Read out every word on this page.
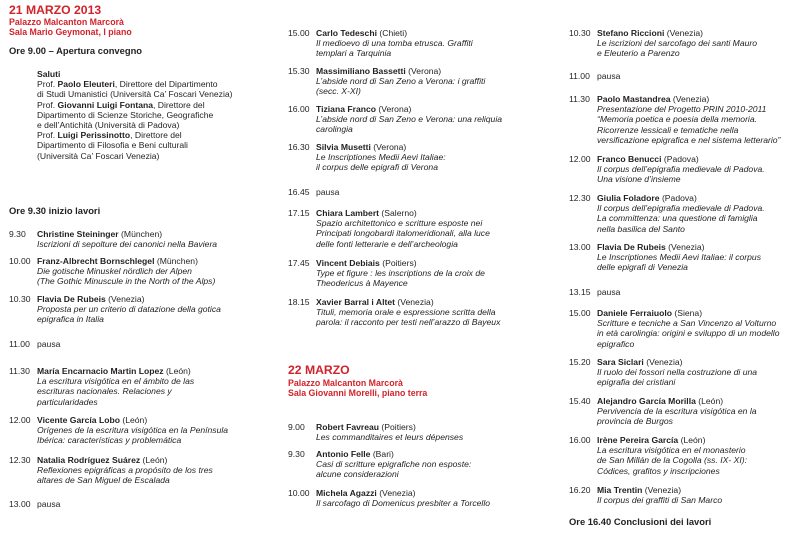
21 MARZO 2013
Palazzo Malcanton Marcorà
Sala Mario Geymonat, I piano
Ore 9.00 – Apertura convegno
Saluti
Prof. Paolo Eleuteri, Direttore del Dipartimento
di Studi Umanistici (Università Ca’ Foscari Venezia)
Prof. Giovanni Luigi Fontana, Direttore del
Dipartimento di Scienze Storiche, Geografiche
e dell’Antichità (Università di Padova)
Prof. Luigi Perissinotto, Direttore del
Dipartimento di Filosofia e Beni culturali
(Università Ca’ Foscari Venezia)
Ore 9.30 inizio lavori
9.30	Christine Steininger (München)
Iscrizioni di sepolture dei canonici nella Baviera
10.00 Franz-Albrecht Bornschlegel (München)
Die gotische Minuskel nördlich der Alpen
(The Gothic Minuscule in the North of the Alps)
10.30 Flavia De Rubeis (Venezia)
Proposta per un criterio di datazione della gotica
epigrafica in Italia
11.00 pausa
11.30 María Encarnacio Martin Lopez (León)
La escritura visigótica en el ámbito de las
escrituras nacionales. Relaciones y
particularidades
12.00 Vicente García Lobo (León)
Orígenes de la escritura visigótica en la Península
Ibérica: características y problemática
12.30 Natalia Rodríguez Suárez (León)
Reflexiones epigráficas a propósito de los tres
altares de San Miguel de Escalada
13.00 pausa
15.00 Carlo Tedeschi (Chieti)
Il medioevo di una tomba etrusca. Graffiti
templari a Tarquinia
15.30 Massimiliano Bassetti (Verona)
L’abside nord di San Zeno a Verona: i graffiti
(secc. X-XI)
16.00 Tiziana Franco (Verona)
L’abside nord di San Zeno e Verona: una reliquia
carolingia
16.30 Silvia Musetti (Verona)
Le Inscriptiones Medii Aevi Italiae:
il corpus delle epigrafi di Verona
16.45 pausa
17.15 Chiara Lambert (Salerno)
Spazio architettonico e scritture esposte nei
Principati longobardi italomeridionali, alla luce
delle fonti letterarie e dell’archeologia
17.45 Vincent Debiais (Poitiers)
Type et figure : les inscriptions de la croix de
Theodericus à Mayence
18.15 Xavier Barral i Altet (Venezia)
Tituli, memoria orale e espressione scritta della
parola: il racconto per testi nell’arazzo di Bayeux
22 MARZO
Palazzo Malcanton Marcorà
Sala Giovanni Morelli, piano terra
9.00	Robert Favreau (Poitiers)
Les commanditaires et leurs dépenses
9.30	Antonio Felle (Bari)
Casi di scritture epigrafiche non esposte:
alcune considerazioni
10.00 Michela Agazzi (Venezia)
Il sarcofago di Domenicus presbiter a Torcello
10.30 Stefano Riccioni (Venezia)
Le iscrizioni del sarcofago dei santi Mauro
e Eleuterio a Parenzo
11.00 pausa
11.30 Paolo Mastandrea (Venezia)
Presentazione del Progetto PRIN 2010-2011
“Memoria poetica e poesia della memoria.
Ricorrenze lessicali e tematiche nella
versificazione epigrafica e nel sistema letterario”
12.00 Franco Benucci (Padova)
Il corpus dell’epigrafia medievale di Padova.
Una visione d’insieme
12.30 Giulia Foladore (Padova)
Il corpus dell’epigrafia medievale di Padova.
La committenza: una questione di famiglia
nella basilica del Santo
13.00 Flavia De Rubeis (Venezia)
Le Inscriptiones Medii Aevi Italiae: il corpus
delle epigrafi di Venezia
13.15 pausa
15.00 Daniele Ferraiuolo (Siena)
Scritture e tecniche a San Vincenzo al Volturno
in età carolingia: origini e sviluppo di un modello
epigrafico
15.20 Sara Siclari (Venezia)
Il ruolo dei fossori nella costruzione di una
epigrafia dei cristiani
15.40 Alejandro García Morilla (León)
Pervivencia de la escritura visigótica en la
provincia de Burgos
16.00 Irène Pereira García (León)
La escritura visigótica en el monasterio
de San Millán de la Cogolla (ss. IX- XI):
Códices, grafitos y inscripciones
16.20 Mia Trentin (Venezia)
Il corpus dei graffiti di San Marco
Ore 16.40 Conclusioni dei lavori
